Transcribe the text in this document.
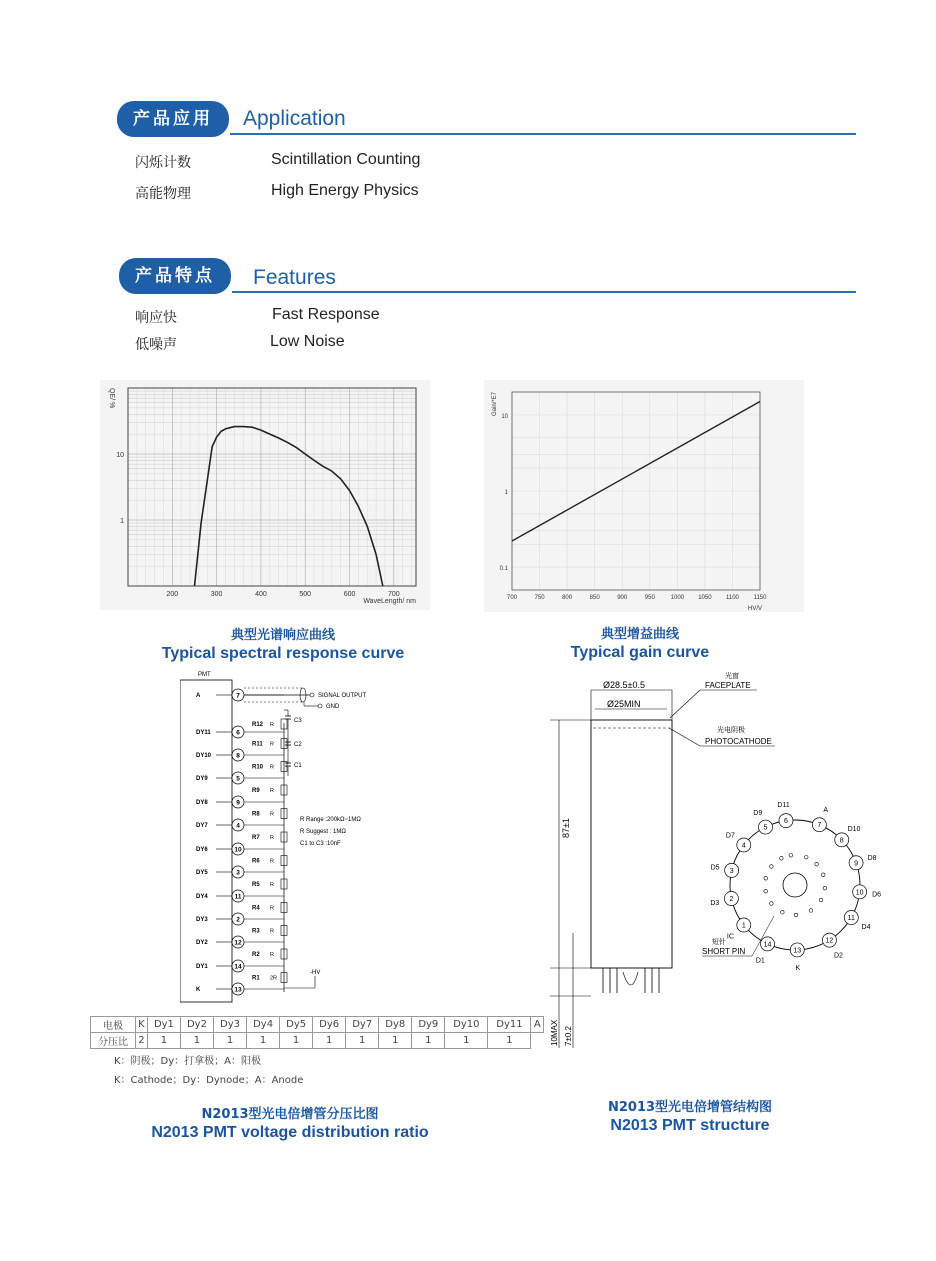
产品应用	Application
闪烁计数	Scintillation Counting
高能物理	High Energy Physics
产品特点	Features
响应快	Fast Response
低噪声	Low Noise
200	300	400	500	600	700
1
10
QE/ %
WaveLength/ nm	700	750	800	850	900	950	1000 1050 1100 1150
0.1
1
10
Gain/*E7
HV/V
典型光谱响应曲线
Typical spectral response curve
典型增益曲线
Typical gain curve
PMT
A	7
DY11	6
DY10	8
DY9	5
DY8	9
DY7	4
DY6	10
DY5	3
DY4	11
DY3	2
DY2	12
DY1	14
K	13
R12 R
R11 R
R10 R
R9 R
R8 R
R7 R
R6 R
R5 R
R4 R
R3 R
R2 R
R1 2R
SIGNAL OUTPUT
GND
C3
C2
C1
R Range :200kΩ~1MΩ
R Suggest : 1MΩ
C1 to C3 :10nF
-HV
电极	K	Dy1	Dy2	Dy3	Dy4	Dy5	Dy6	Dy7	Dy8	Dy9	Dy10	Dy11	A
分压比	2	1	1	1	1	1	1	1	1	1	1	1	
K：阴极；Dy：打拿极；A：阳极
K：Cathode；Dy：Dynode；A：Anode
N2013型光电倍增管分压比图
N2013 PMT voltage distribution ratio
Ø28.5±0.5
Ø25MIN
87±1
10MAX 7±0.2
光窗
FACEPLATE
光电阴极
PHOTOCATHODE
6
D11
7
A
8
D10
9
D8
10 D6
11
D4
12
D2
13
K
14
D1
1
IC
2
D3
3
D5
4
D7
5
D9
短针
SHORT PIN
N2013型光电倍增管结构图
N2013 PMT structure
